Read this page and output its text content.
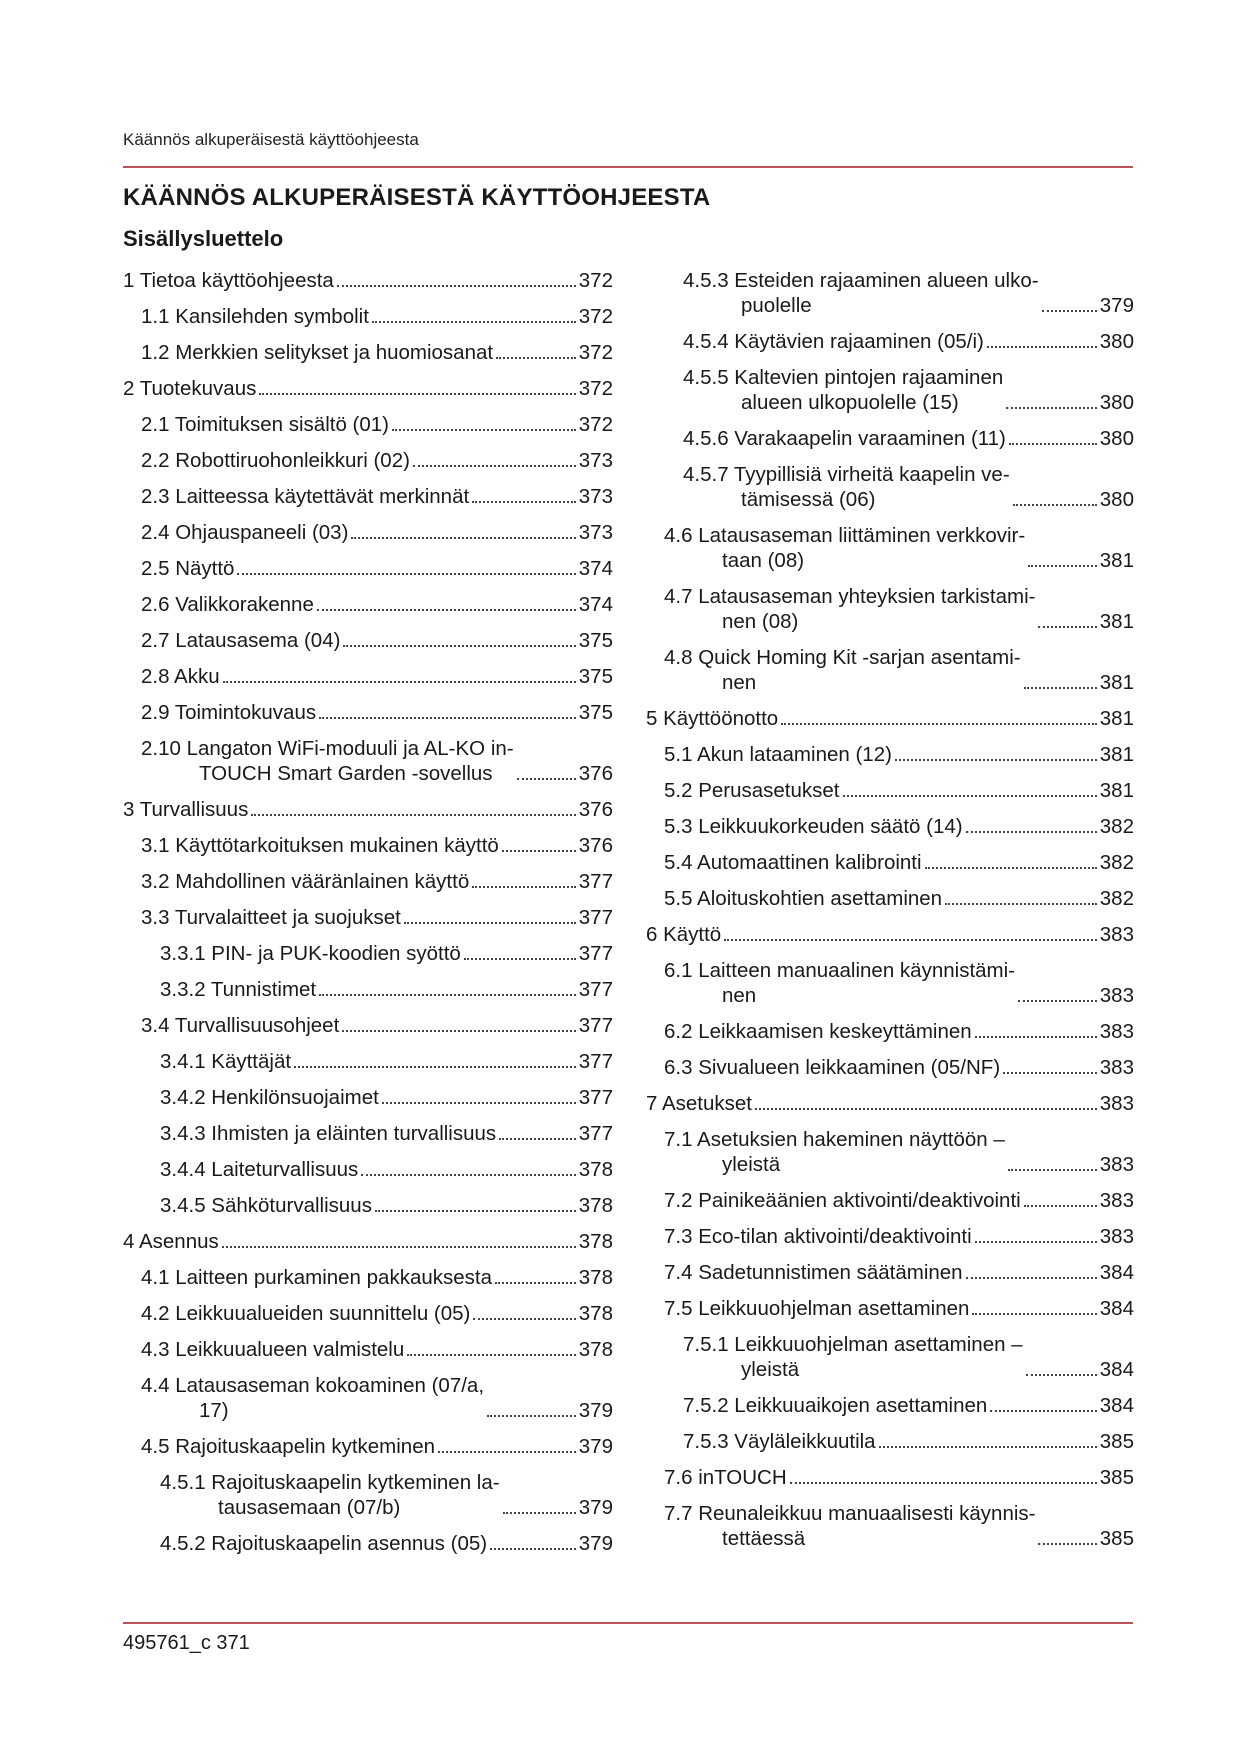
Käännös alkuperäisestä käyttöohjeesta
KÄÄNNÖS ALKUPERÄISESTÄ KÄYTTÖOHJEESTA
Sisällysluettelo
1 Tietoa käyttöohjeesta	372
1.1 Kansilehden symbolit	372
1.2 Merkkien selitykset ja huomiosanat	372
2 Tuotekuvaus	372
2.1 Toimituksen sisältö (01)	372
2.2 Robottiruohonleikkuri (02)	373
2.3 Laitteessa käytettävät merkinnät	373
2.4 Ohjauspaneeli (03)	373
2.5 Näyttö	374
2.6 Valikkorakenne	374
2.7 Latausasema (04)	375
2.8 Akku	375
2.9 Toimintokuvaus	375
2.10 Langaton WiFi-moduuli ja AL-KO in-
TOUCH Smart Garden -sovellus	376
3 Turvallisuus	376
3.1 Käyttötarkoituksen mukainen käyttö	376
3.2 Mahdollinen vääränlainen käyttö	377
3.3 Turvalaitteet ja suojukset	377
3.3.1 PIN- ja PUK-koodien syöttö	377
3.3.2 Tunnistimet	377
3.4 Turvallisuusohjeet	377
3.4.1 Käyttäjät	377
3.4.2 Henkilönsuojaimet	377
3.4.3 Ihmisten ja eläinten turvallisuus	377
3.4.4 Laiteturvallisuus	378
3.4.5 Sähköturvallisuus	378
4 Asennus	378
4.1 Laitteen purkaminen pakkauksesta	378
4.2 Leikkuualueiden suunnittelu (05)	378
4.3 Leikkuualueen valmistelu	378
4.4 Latausaseman kokoaminen (07/a,
17)	379
4.5 Rajoituskaapelin kytkeminen	379
4.5.1 Rajoituskaapelin kytkeminen la-
tausasemaan (07/b)	379
4.5.2 Rajoituskaapelin asennus (05)	379
4.5.3 Esteiden rajaaminen alueen ulko-
puolelle	379
4.5.4 Käytävien rajaaminen (05/i)	380
4.5.5 Kaltevien pintojen rajaaminen
alueen ulkopuolelle (15)	380
4.5.6 Varakaapelin varaaminen (11)	380
4.5.7 Tyypillisiä virheitä kaapelin ve-
tämisessä (06)	380
4.6 Latausaseman liittäminen verkkovir-
taan (08)	381
4.7 Latausaseman yhteyksien tarkistami-
nen (08)	381
4.8 Quick Homing Kit -sarjan asentami-
nen	381
5 Käyttöönotto	381
5.1 Akun lataaminen (12)	381
5.2 Perusasetukset	381
5.3 Leikkuukorkeuden säätö (14)	382
5.4 Automaattinen kalibrointi	382
5.5 Aloituskohtien asettaminen	382
6 Käyttö	383
6.1 Laitteen manuaalinen käynnistämi-
nen	383
6.2 Leikkaamisen keskeyttäminen	383
6.3 Sivualueen leikkaaminen (05/NF)	383
7 Asetukset	383
7.1 Asetuksien hakeminen näyttöön –
yleistä	383
7.2 Painikeäänien aktivointi/deaktivointi	383
7.3 Eco-tilan aktivointi/deaktivointi	383
7.4 Sadetunnistimen säätäminen	384
7.5 Leikkuuohjelman asettaminen	384
7.5.1 Leikkuuohjelman asettaminen –
yleistä	384
7.5.2 Leikkuuaikojen asettaminen	384
7.5.3 Väyläleikkuutila	385
7.6 inTOUCH	385
7.7 Reunaleikkuu manuaalisesti käynnis-
tettäessä	385
495761_c 371
